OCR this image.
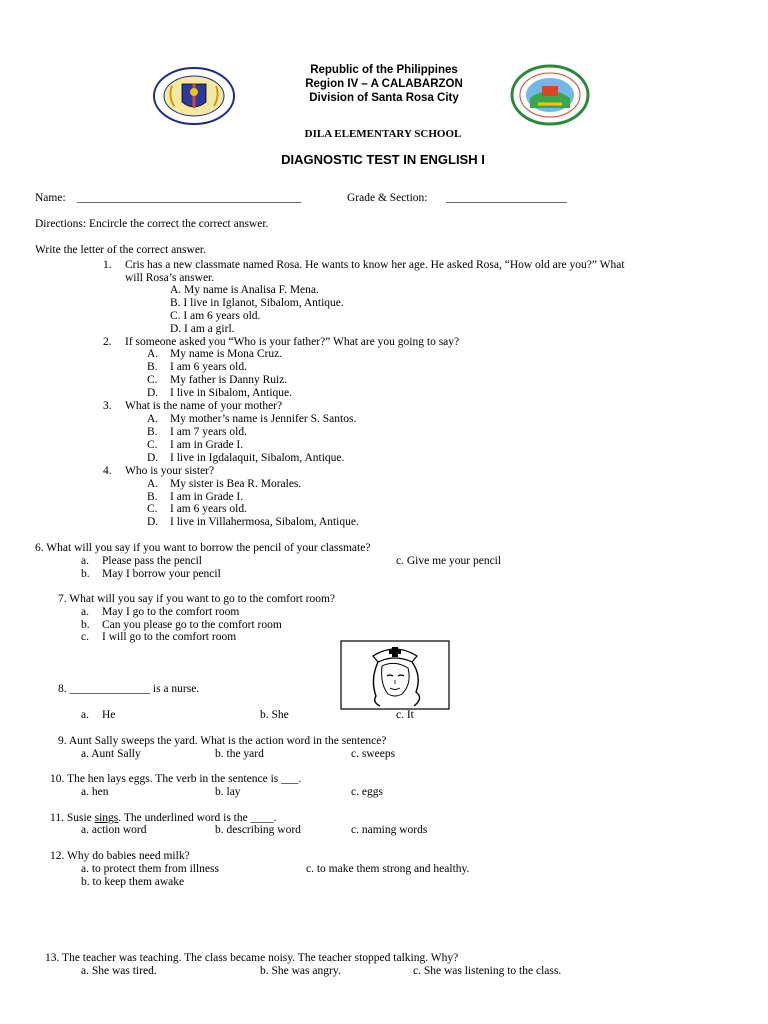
Republic of the Philippines
Region IV – A CALABARZON
Division of Santa Rosa City
DILA ELEMENTARY SCHOOL
DIAGNOSTIC TEST IN ENGLISH I
Name: _______________________________________	Grade & Section: _____________________
Directions: Encircle the correct the correct answer.
Write the letter of the correct answer.
1. Cris has a new classmate named Rosa. He wants to know her age. He asked Rosa, “How old are you?” What
will Rosa’s answer.
A. My name is Analisa F. Mena.
B. I live in Iglanot, Sibalom, Antique.
C. I am 6 years old.
D. I am a girl.
2. If someone asked you “Who is your father?” What are you going to say?
A. My name is Mona Cruz.
B. I am 6 years old.
C. My father is Danny Ruiz.
D. I live in Sibalom, Antique.
3. What is the name of your mother?
A. My mother’s name is Jennifer S. Santos.
B. I am 7 years old.
C. I am in Grade I.
D. I live in Igdalaquit, Sibalom, Antique.
4. Who is your sister?
A. My sister is Bea R. Morales.
B. I am in Grade I.
C. I am 6 years old.
D. I live in Villahermosa, Sibalom, Antique.
6. What will you say if you want to borrow the pencil of your classmate?
a. Please pass the pencil	c. Give me your pencil
b. May I borrow your pencil
7. What will you say if you want to go to the comfort room?
a. May I go to the comfort room
b. Can you please go to the comfort room
c. I will go to the comfort room
8. ______________ is a nurse.
a. He	b. She	c. It
9. Aunt Sally sweeps the yard. What is the action word in the sentence?
a. Aunt Sally	b. the yard	c. sweeps
10. The hen lays eggs. The verb in the sentence is ___.
a. hen	b. lay	c. eggs
11. Susie sings. The underlined word is the ____.
a. action word	b. describing word	c. naming words
12. Why do babies need milk?
a. to protect them from illness	c. to make them strong and healthy.
b. to keep them awake
13. The teacher was teaching. The class became noisy. The teacher stopped talking. Why?
a. She was tired.	b. She was angry.	c. She was listening to the class.
